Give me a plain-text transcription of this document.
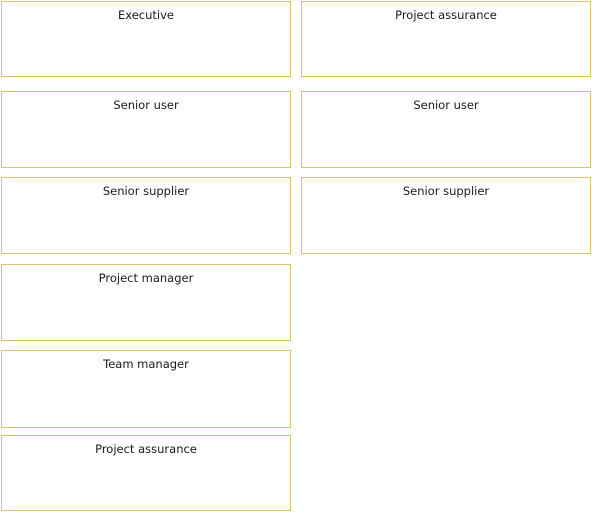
Executive
Senior user
Senior supplier
Project manager
Team manager
Project assurance
Project assurance
Senior user
Senior supplier
